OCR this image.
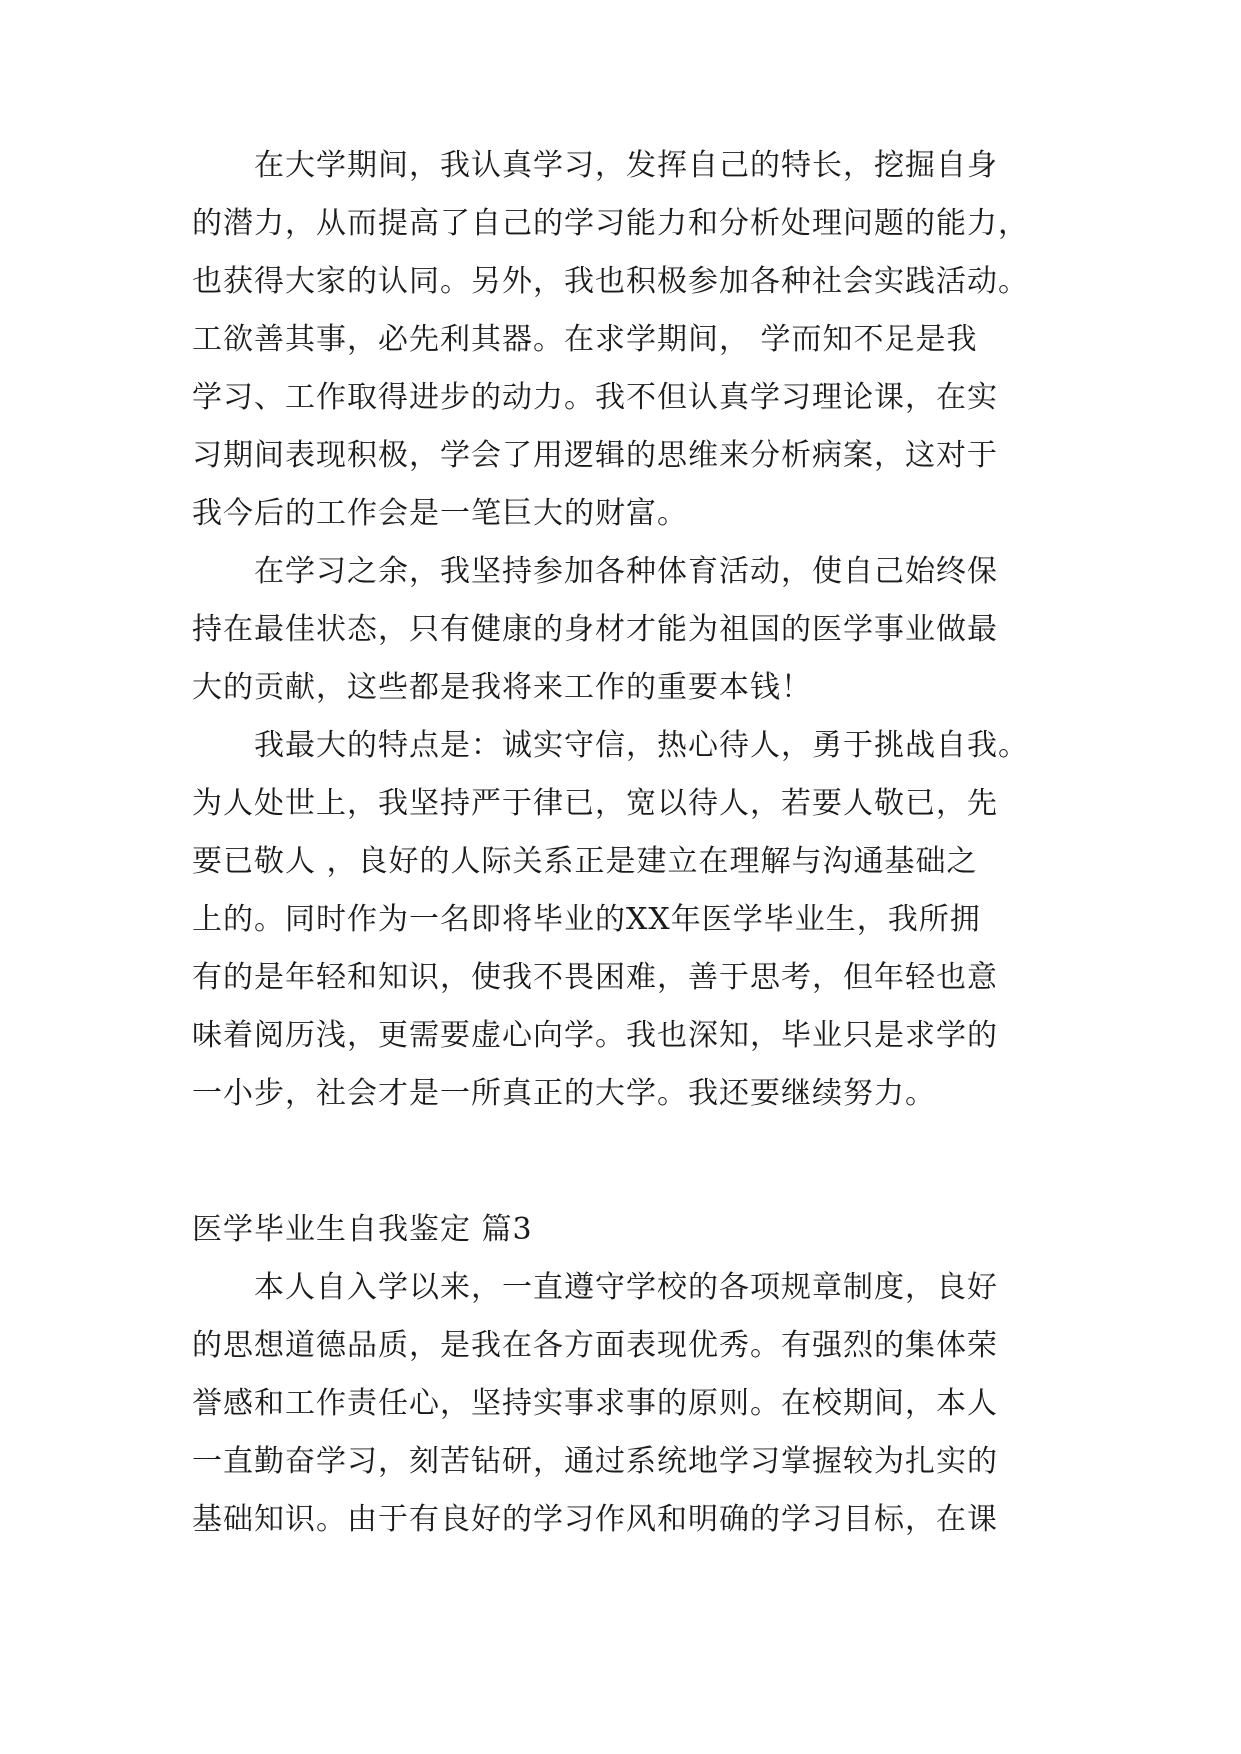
　　在大学期间，我认真学习，发挥自己的特长，挖掘自身
的潜力，从而提高了自己的学习能力和分析处理问题的能力，
也获得大家的认同。另外，我也积极参加各种社会实践活动。
工欲善其事，必先利其器。在求学期间， 学而知不足是我
学习、工作取得进步的动力。我不但认真学习理论课，在实
习期间表现积极，学会了用逻辑的思维来分析病案，这对于
我今后的工作会是一笔巨大的财富。
　　在学习之余，我坚持参加各种体育活动，使自己始终保
持在最佳状态，只有健康的身材才能为祖国的医学事业做最
大的贡献，这些都是我将来工作的重要本钱！
　　我最大的特点是：诚实守信，热心待人，勇于挑战自我。
为人处世上，我坚持严于律已，宽以待人，若要人敬已，先
要已敬人 ，良好的人际关系正是建立在理解与沟通基础之
上的。同时作为一名即将毕业的XX年医学毕业生，我所拥
有的是年轻和知识，使我不畏困难，善于思考，但年轻也意
味着阅历浅，更需要虚心向学。我也深知，毕业只是求学的
一小步，社会才是一所真正的大学。我还要继续努力。
医学毕业生自我鉴定 篇3
　　本人自入学以来，一直遵守学校的各项规章制度，良好
的思想道德品质，是我在各方面表现优秀。有强烈的集体荣
誉感和工作责任心，坚持实事求事的原则。在校期间，本人
一直勤奋学习，刻苦钻研，通过系统地学习掌握较为扎实的
基础知识。由于有良好的学习作风和明确的学习目标，在课
